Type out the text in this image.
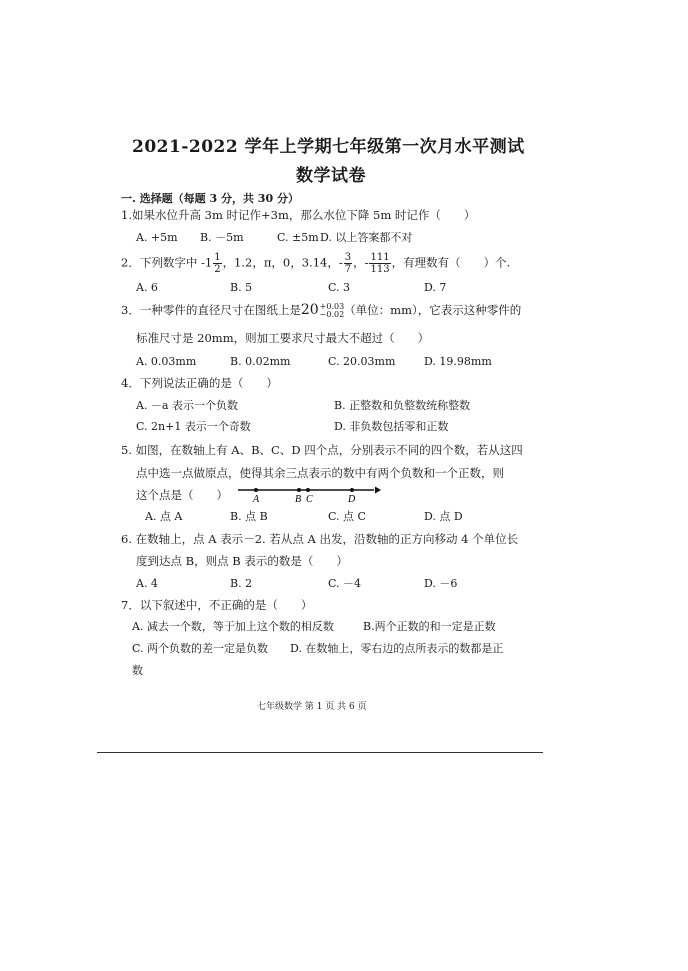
2021-2022 学年上学期七年级第一次月水平测试
数学试卷
一. 选择题（每题 3 分，共 30 分）
1.如果水位升高 3m 时记作+3m，那么水位下降 5m 时记作（　　）
A. +5m B. －5m	C. ±5m D. 以上答案都不对
2．下列数字中 $-1 \frac{1}{2}$ ，1.2，π，0，3.14，- $\frac{3}{7}$ ，- $\frac{111}{113}$ ，有理数有（　　）个.
A. 6	B. 5	C. 3	D. 7
3．一种零件的直径尺寸在图纸上是20 +0.03
−0.02 （单位：mm），它表示这种零件的
标准尺寸是 20mm，则加工要求尺寸最大不超过（　　）
A. 0.03mm	B. 0.02mm	C. 20.03mm	D. 19.98mm
4．下列说法正确的是（　　）
A. －a 表示一个负数	B. 正整数和负整数统称整数
C. 2n+1 表示一个奇数	D. 非负数包括零和正数
5. 如图，在数轴上有 A、B、C、D 四个点，分别表示不同的四个数，若从这四
点中选一点做原点，使得其余三点表示的数中有两个负数和一个正数，则
这个点是（　　）	A	B C	D
A. 点 A	B. 点 B	C. 点 C	D. 点 D
6. 在数轴上，点 A 表示－2. 若从点 A 出发，沿数轴的正方向移动 4 个单位长
度到达点 B，则点 B 表示的数是（　　）
A. 4	B. 2	C. －4	D. －6
7．以下叙述中，不正确的是（　　）
A. 减去一个数，等于加上这个数的相反数	B.两个正数的和一定是正数
C. 两个负数的差一定是负数 D. 在数轴上，零右边的点所表示的数都是正
数
七年级数学 第 1 页 共 6 页
